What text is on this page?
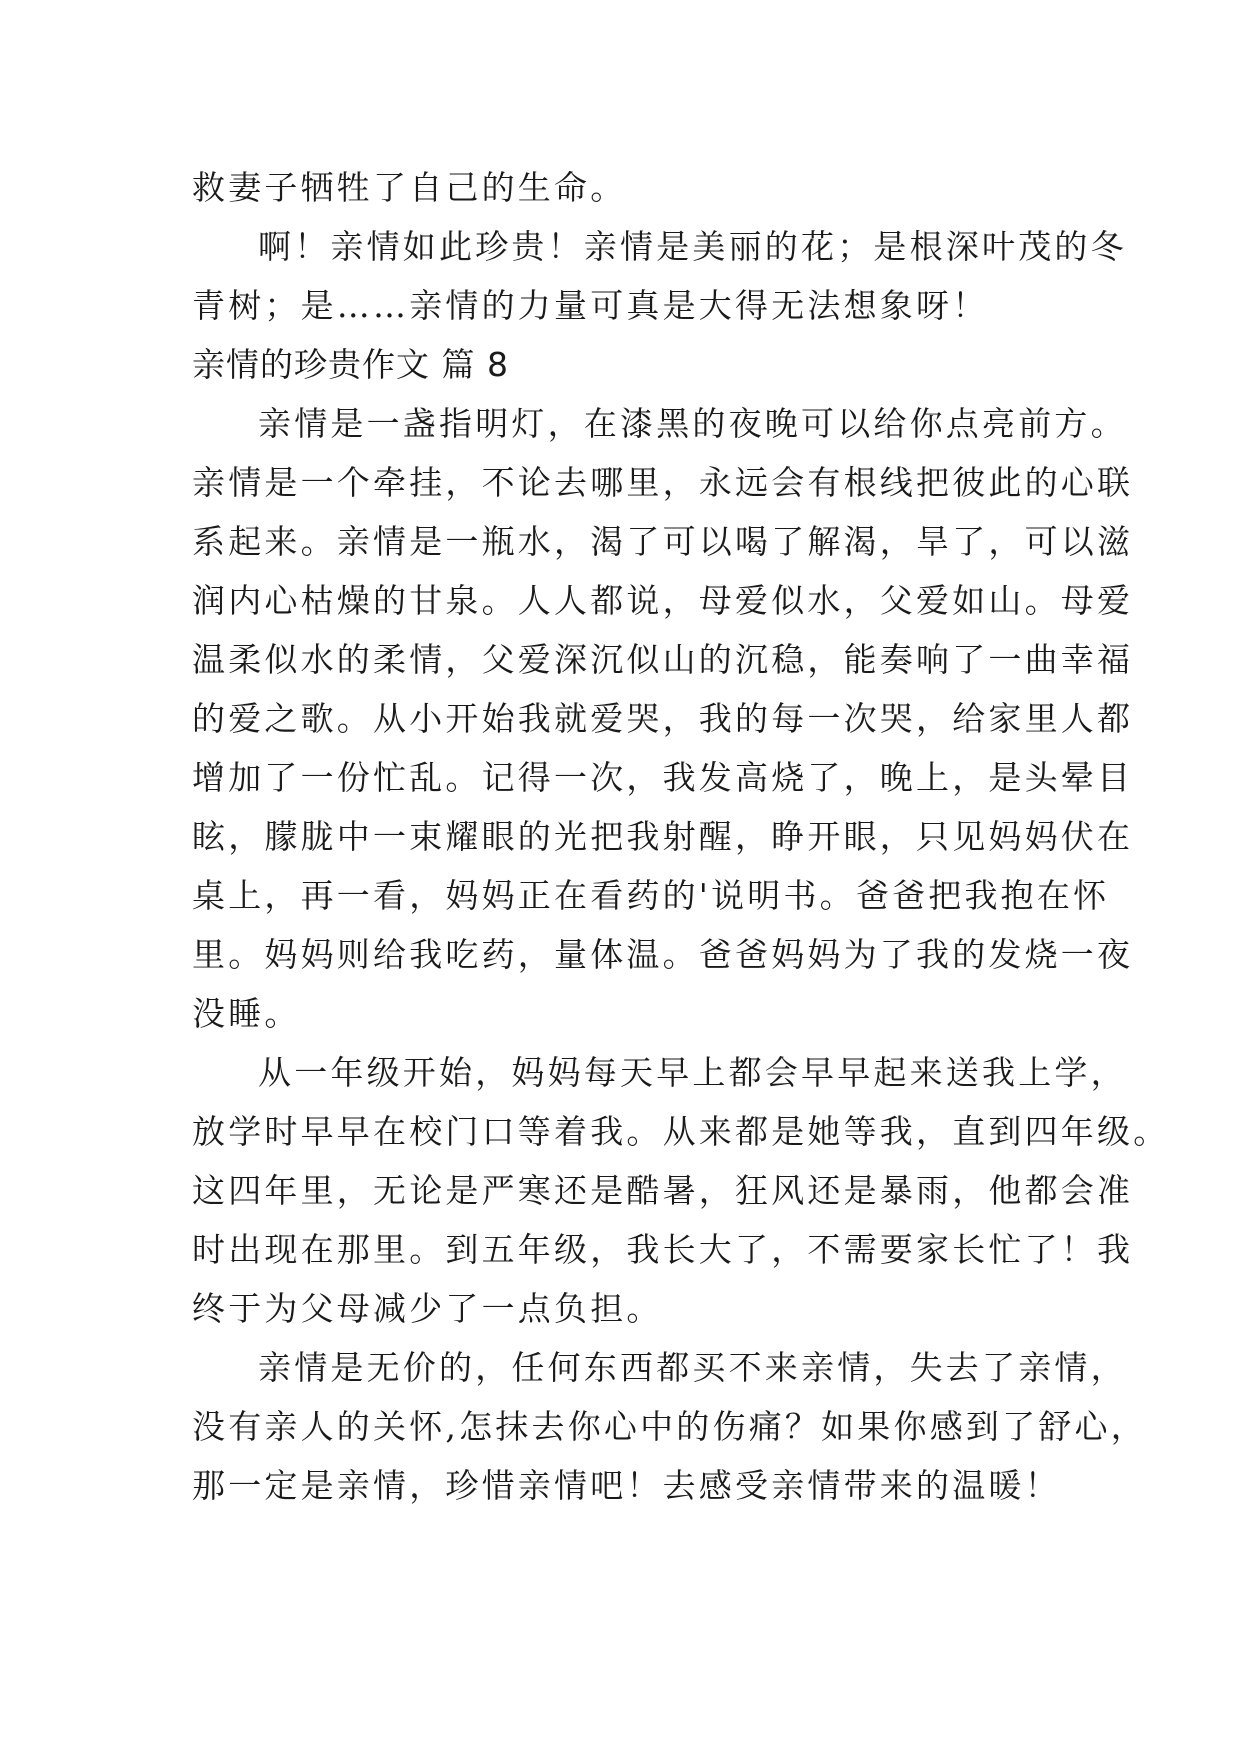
救妻子牺牲了自己的生命。
啊！亲情如此珍贵！亲情是美丽的花；是根深叶茂的冬
青树；是……亲情的力量可真是大得无法想象呀！
亲情的珍贵作文 篇 8
亲情是一盏指明灯，在漆黑的夜晚可以给你点亮前方。
亲情是一个牵挂，不论去哪里，永远会有根线把彼此的心联
系起来。亲情是一瓶水，渴了可以喝了解渴，旱了，可以滋
润内心枯燥的甘泉。人人都说，母爱似水，父爱如山。母爱
温柔似水的柔情，父爱深沉似山的沉稳，能奏响了一曲幸福
的爱之歌。从小开始我就爱哭，我的每一次哭，给家里人都
增加了一份忙乱。记得一次，我发高烧了，晚上，是头晕目
眩，朦胧中一束耀眼的光把我射醒，睁开眼，只见妈妈伏在
桌上，再一看，妈妈正在看药的'说明书。爸爸把我抱在怀
里。妈妈则给我吃药，量体温。爸爸妈妈为了我的发烧一夜
没睡。
从一年级开始，妈妈每天早上都会早早起来送我上学，
放学时早早在校门口等着我。从来都是她等我，直到四年级。
这四年里，无论是严寒还是酷暑，狂风还是暴雨，他都会准
时出现在那里。到五年级，我长大了，不需要家长忙了！我
终于为父母减少了一点负担。
亲情是无价的，任何东西都买不来亲情，失去了亲情，
没有亲人的关怀,怎抹去你心中的伤痛？如果你感到了舒心，
那一定是亲情，珍惜亲情吧！去感受亲情带来的温暖！
